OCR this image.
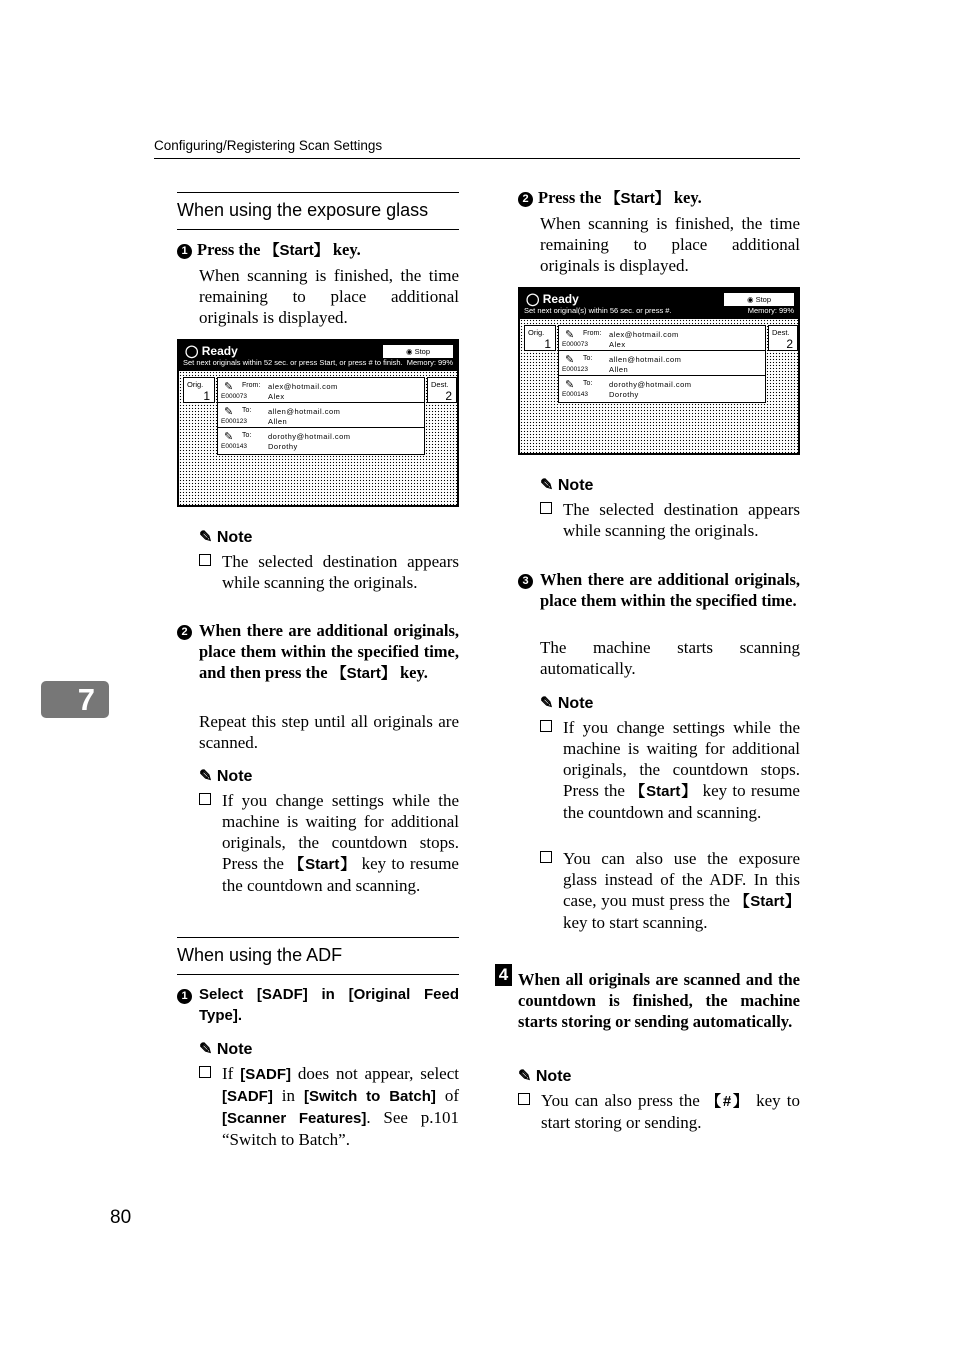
Configuring/Registering Scan Settings
7
When using the exposure glass
1 Press the 【Start】 key.
When scanning is finished, the time remaining to place additional originals is displayed.
◯ Ready	◉ Stop
Set next originals within 52 sec. or press Start, or press # to finish. Memory: 99%
Orig.
1
✎
E000073
From: alex@hotmail.com
Alex
✎
E000123
To: allen@hotmail.com
Allen
✎
E000143
To: dorothy@hotmail.com
Dorothy
Dest.
2
✎ Note
The selected destination appears while scanning the originals.
2 When there are additional originals, place them within the specified time, and then press the 【Start】 key.
Repeat this step until all originals are scanned.
✎ Note
If you change settings while the machine is waiting for additional originals, the countdown stops. Press the 【Start】 key to resume the countdown and scanning.
When using the ADF
1 Select [SADF] in [Original Feed Type].
✎ Note
If [SADF] does not appear, select [SADF] in [Switch to Batch] of [Scanner Features]. See p.101 “Switch to Batch”.
2 Press the 【Start】 key.
When scanning is finished, the time remaining to place additional originals is displayed.
◯ Ready	◉ Stop
Set next original(s) within 56 sec. or press #.	Memory: 99%
Orig.
1
✎
E000073
From: alex@hotmail.com
Alex
✎
E000123
To: allen@hotmail.com
Allen
✎
E000143
To: dorothy@hotmail.com
Dorothy
Dest.
2
✎ Note
The selected destination appears while scanning the originals.
3 When there are additional originals, place them within the specified time.
The machine starts scanning automatically.
✎ Note
If you change settings while the machine is waiting for additional originals, the countdown stops. Press the 【Start】 key to resume the countdown and scanning.
You can also use the exposure glass instead of the ADF. In this case, you must press the 【Start】 key to start scanning.
4 When all originals are scanned and the countdown is finished, the machine starts storing or sending automatically.
✎ Note
You can also press the 【#】 key to start storing or sending.
80
